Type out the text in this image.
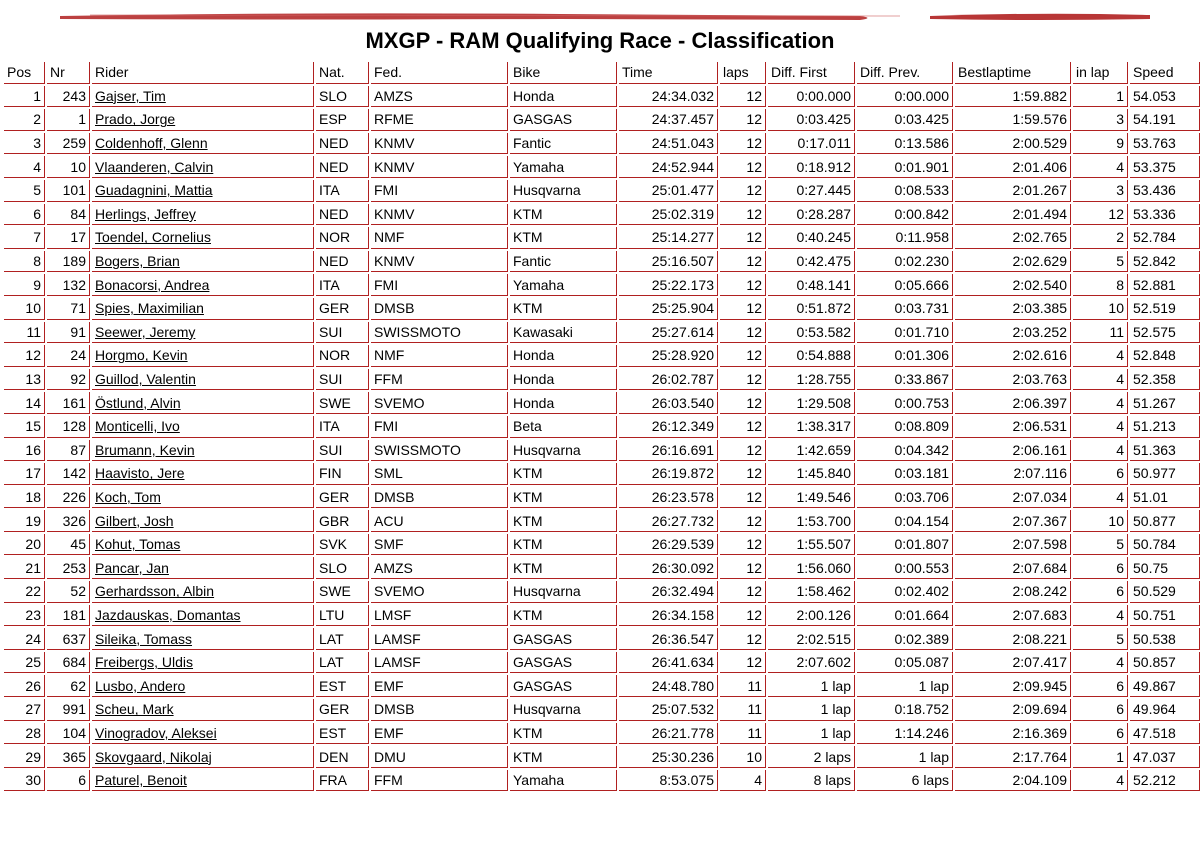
MXGP - RAM Qualifying Race - Classification
Pos	Nr	Rider	Nat.	Fed.	Bike	Time	laps	Diff. First	Diff. Prev.	Bestlaptime	in lap	Speed
1	243	Gajser, Tim	SLO	AMZS	Honda	24:34.032	12	0:00.000	0:00.000	1:59.882	1	54.053
2	1	Prado, Jorge	ESP	RFME	GASGAS	24:37.457	12	0:03.425	0:03.425	1:59.576	3	54.191
3	259	Coldenhoff, Glenn	NED	KNMV	Fantic	24:51.043	12	0:17.011	0:13.586	2:00.529	9	53.763
4	10	Vlaanderen, Calvin	NED	KNMV	Yamaha	24:52.944	12	0:18.912	0:01.901	2:01.406	4	53.375
5	101	Guadagnini, Mattia	ITA	FMI	Husqvarna	25:01.477	12	0:27.445	0:08.533	2:01.267	3	53.436
6	84	Herlings, Jeffrey	NED	KNMV	KTM	25:02.319	12	0:28.287	0:00.842	2:01.494	12	53.336
7	17	Toendel, Cornelius	NOR	NMF	KTM	25:14.277	12	0:40.245	0:11.958	2:02.765	2	52.784
8	189	Bogers, Brian	NED	KNMV	Fantic	25:16.507	12	0:42.475	0:02.230	2:02.629	5	52.842
9	132	Bonacorsi, Andrea	ITA	FMI	Yamaha	25:22.173	12	0:48.141	0:05.666	2:02.540	8	52.881
10	71	Spies, Maximilian	GER	DMSB	KTM	25:25.904	12	0:51.872	0:03.731	2:03.385	10	52.519
11	91	Seewer, Jeremy	SUI	SWISSMOTO	Kawasaki	25:27.614	12	0:53.582	0:01.710	2:03.252	11	52.575
12	24	Horgmo, Kevin	NOR	NMF	Honda	25:28.920	12	0:54.888	0:01.306	2:02.616	4	52.848
13	92	Guillod, Valentin	SUI	FFM	Honda	26:02.787	12	1:28.755	0:33.867	2:03.763	4	52.358
14	161	Östlund, Alvin	SWE	SVEMO	Honda	26:03.540	12	1:29.508	0:00.753	2:06.397	4	51.267
15	128	Monticelli, Ivo	ITA	FMI	Beta	26:12.349	12	1:38.317	0:08.809	2:06.531	4	51.213
16	87	Brumann, Kevin	SUI	SWISSMOTO	Husqvarna	26:16.691	12	1:42.659	0:04.342	2:06.161	4	51.363
17	142	Haavisto, Jere	FIN	SML	KTM	26:19.872	12	1:45.840	0:03.181	2:07.116	6	50.977
18	226	Koch, Tom	GER	DMSB	KTM	26:23.578	12	1:49.546	0:03.706	2:07.034	4	51.01
19	326	Gilbert, Josh	GBR	ACU	KTM	26:27.732	12	1:53.700	0:04.154	2:07.367	10	50.877
20	45	Kohut, Tomas	SVK	SMF	KTM	26:29.539	12	1:55.507	0:01.807	2:07.598	5	50.784
21	253	Pancar, Jan	SLO	AMZS	KTM	26:30.092	12	1:56.060	0:00.553	2:07.684	6	50.75
22	52	Gerhardsson, Albin	SWE	SVEMO	Husqvarna	26:32.494	12	1:58.462	0:02.402	2:08.242	6	50.529
23	181	Jazdauskas, Domantas	LTU	LMSF	KTM	26:34.158	12	2:00.126	0:01.664	2:07.683	4	50.751
24	637	Sileika, Tomass	LAT	LAMSF	GASGAS	26:36.547	12	2:02.515	0:02.389	2:08.221	5	50.538
25	684	Freibergs, Uldis	LAT	LAMSF	GASGAS	26:41.634	12	2:07.602	0:05.087	2:07.417	4	50.857
26	62	Lusbo, Andero	EST	EMF	GASGAS	24:48.780	11	1 lap	1 lap	2:09.945	6	49.867
27	991	Scheu, Mark	GER	DMSB	Husqvarna	25:07.532	11	1 lap	0:18.752	2:09.694	6	49.964
28	104	Vinogradov, Aleksei	EST	EMF	KTM	26:21.778	11	1 lap	1:14.246	2:16.369	6	47.518
29	365	Skovgaard, Nikolaj	DEN	DMU	KTM	25:30.236	10	2 laps	1 lap	2:17.764	1	47.037
30	6	Paturel, Benoit	FRA	FFM	Yamaha	8:53.075	4	8 laps	6 laps	2:04.109	4	52.212
